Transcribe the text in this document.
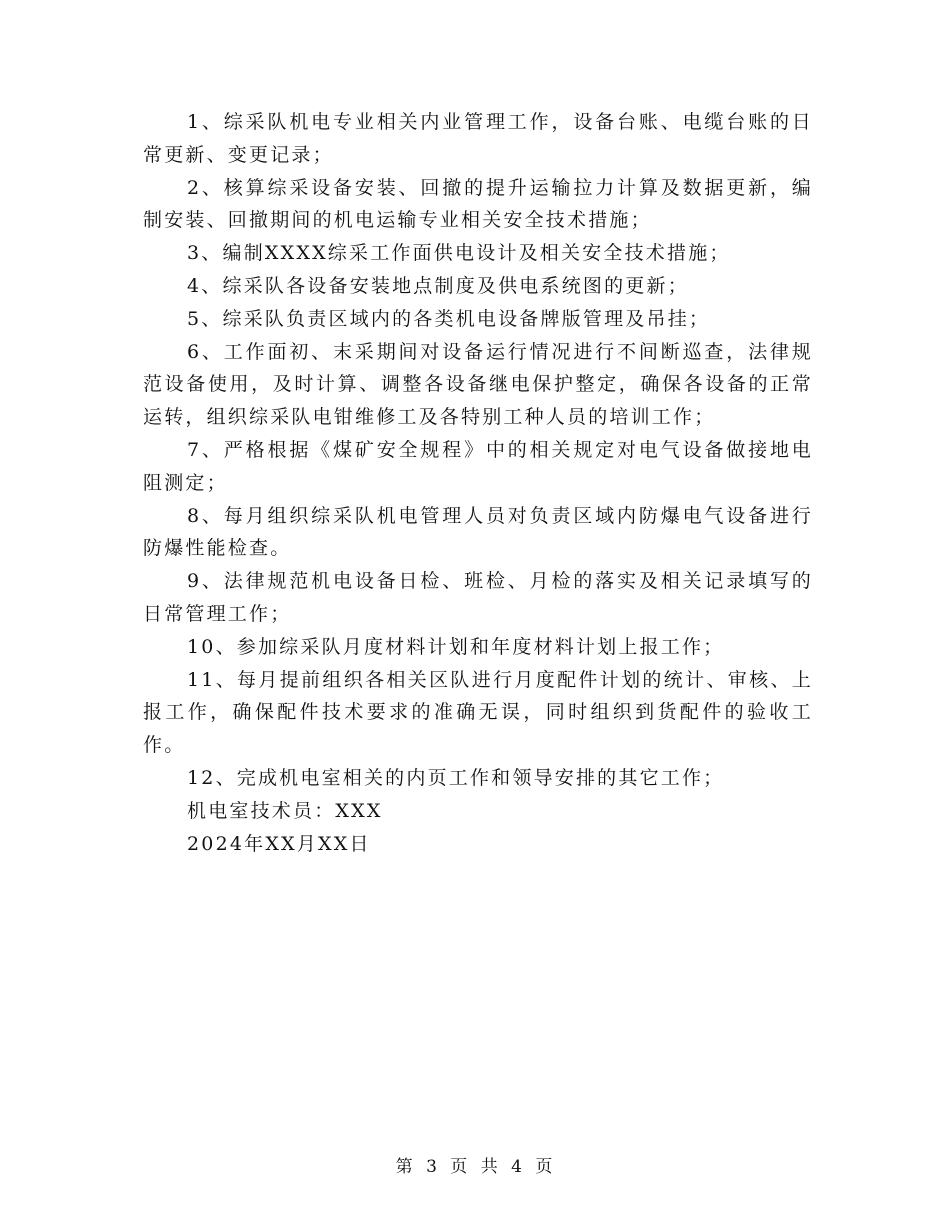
1、综采队机电专业相关内业管理工作，设备台账、电缆台账的日常更新、变更记录；

2、核算综采设备安装、回撤的提升运输拉力计算及数据更新，编制安装、回撤期间的机电运输专业相关安全技术措施；

3、编制XXXX综采工作面供电设计及相关安全技术措施；

4、综采队各设备安装地点制度及供电系统图的更新；

5、综采队负责区域内的各类机电设备牌版管理及吊挂；

6、工作面初、末采期间对设备运行情况进行不间断巡查，法律规范设备使用，及时计算、调整各设备继电保护整定，确保各设备的正常运转，组织综采队电钳维修工及各特别工种人员的培训工作；

7、严格根据《煤矿安全规程》中的相关规定对电气设备做接地电阻测定；

8、每月组织综采队机电管理人员对负责区域内防爆电气设备进行防爆性能检查。

9、法律规范机电设备日检、班检、月检的落实及相关记录填写的日常管理工作；

10、参加综采队月度材料计划和年度材料计划上报工作；

11、每月提前组织各相关区队进行月度配件计划的统计、审核、上报工作，确保配件技术要求的准确无误，同时组织到货配件的验收工作。

12、完成机电室相关的内页工作和领导安排的其它工作；

机电室技术员：XXX

2024年XX月XX日

第 3 页 共 4 页
